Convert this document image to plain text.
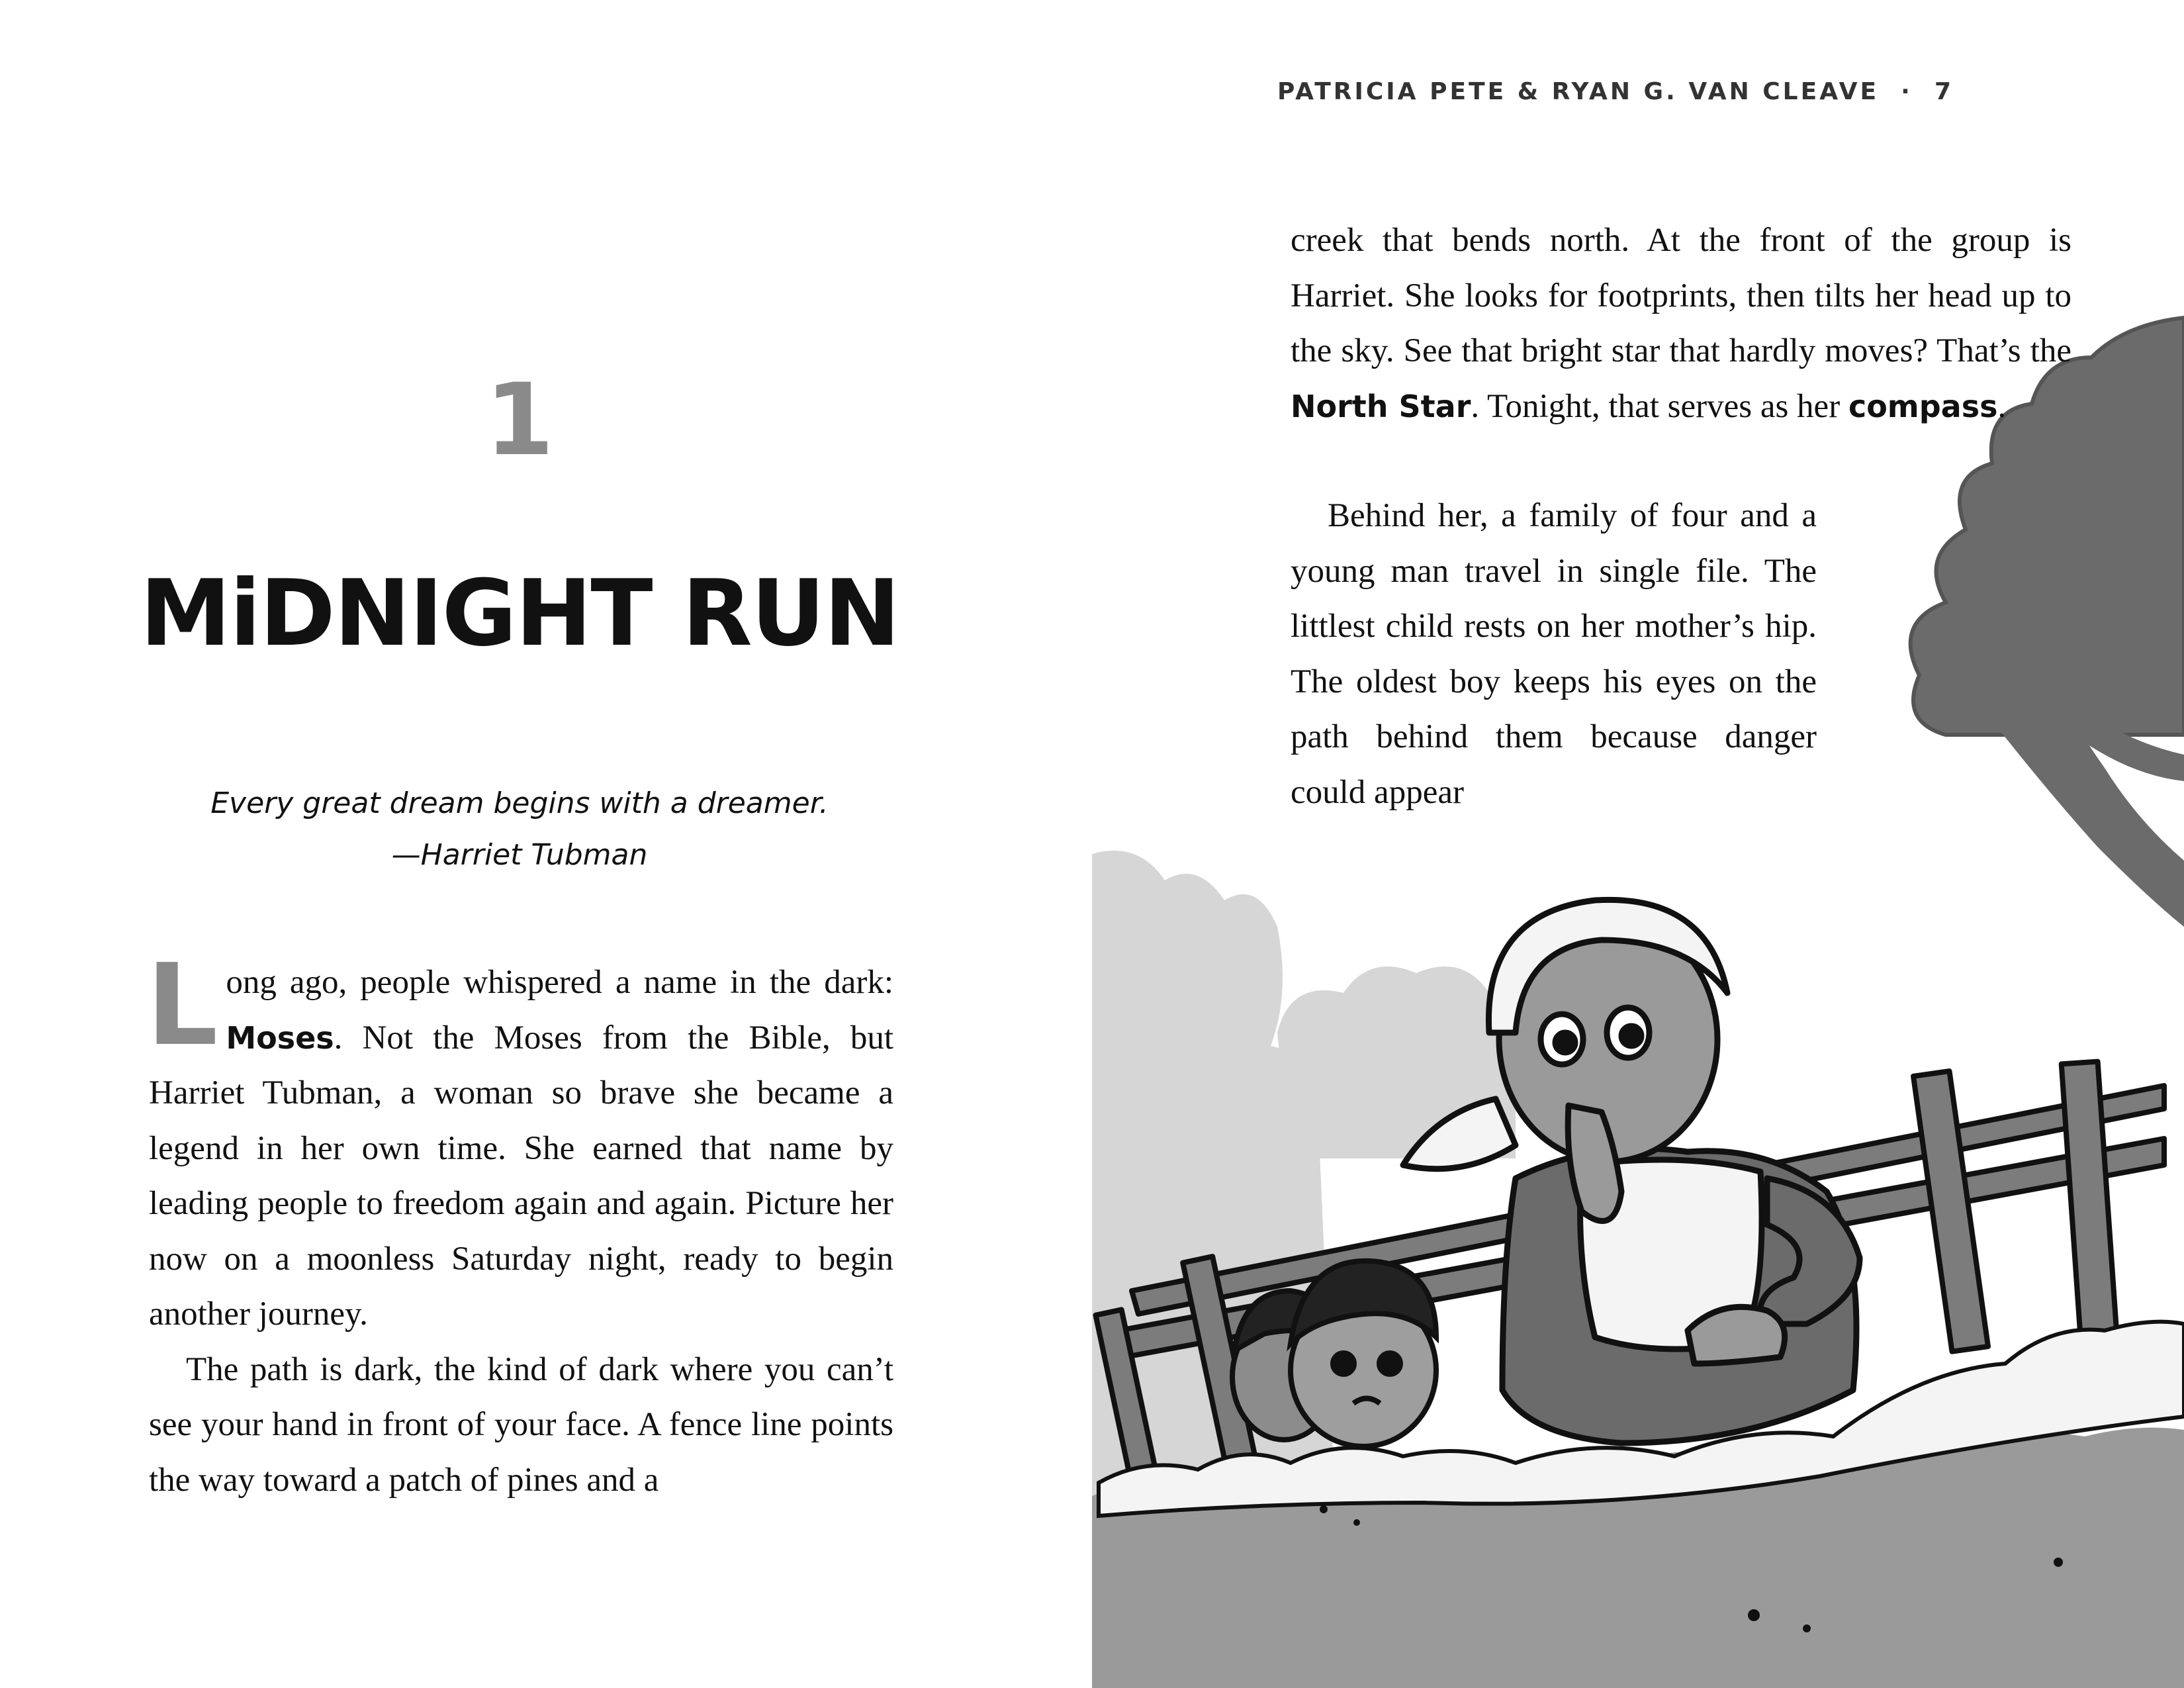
1
MiDNIGHT RUN
Every great dream begins with a dreamer.
—Harriet Tubman

Long ago, people whispered a name in the dark: Moses. Not the Moses from the Bible, but Harriet Tubman, a woman so brave she became a legend in her own time. She earned that name by leading people to freedom again and again. Picture her now on a moonless Saturday night, ready to begin another journey.

The path is dark, the kind of dark where you can’t see your hand in front of your face. A fence line points the way toward a patch of pines and a

PATRICIA PETE & RYAN G. VAN CLEAVE · 7

creek that bends north. At the front of the group is Harriet. She looks for footprints, then tilts her head up to the sky. See that bright star that hardly moves? That’s the North Star. Tonight, that serves as her compass.

Behind her, a family of four and a young man travel in single file. The littlest child rests on her mother’s hip. The oldest boy keeps his eyes on the path behind them because danger could appear
